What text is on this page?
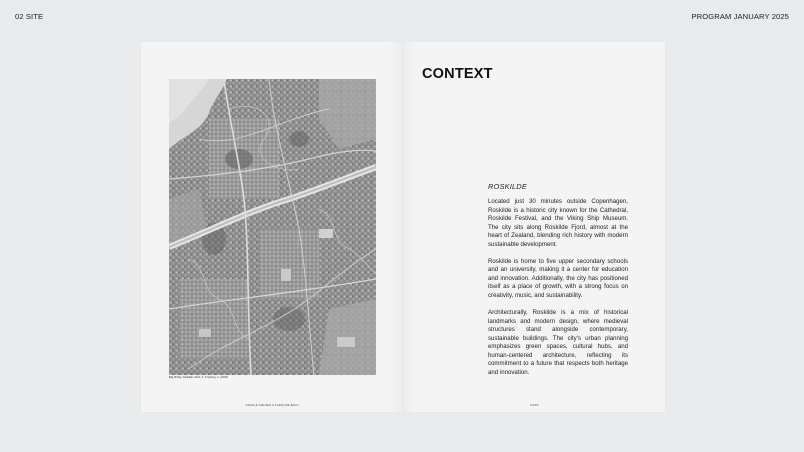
02 SITE	PROGRAM JANUARY 2025
Fig. 8 Map, Roskilde, Marit, K. & Nyberg, C. (2025).
CAMILLE NIELSEN & KAROLINE BACH
CONTEXT
ROSKILDE

Located just 30 minutes outside Copenhagen, Roskilde is a historic city known for the Cathedral, Roskilde Festival, and the Viking Ship Museum. The city sits along Roskilde Fjord, almost at the heart of Zealand, blending rich history with modern sustainable development.

Roskilde is home to five upper secondary schools and an university, making it a center for education and innovation. Additionally, the city has positioned itself as a place of growth, with a strong focus on creativity, music, and sustainability.

Architecturally, Roskilde is a mix of historical landmarks and modern design, where medieval structures stand alongside contemporary, sustainable buildings. The city's urban planning emphasizes green spaces, cultural hubs, and human-centered architecture, reflecting its commitment to a future that respects both heritage and innovation.

MAPS
